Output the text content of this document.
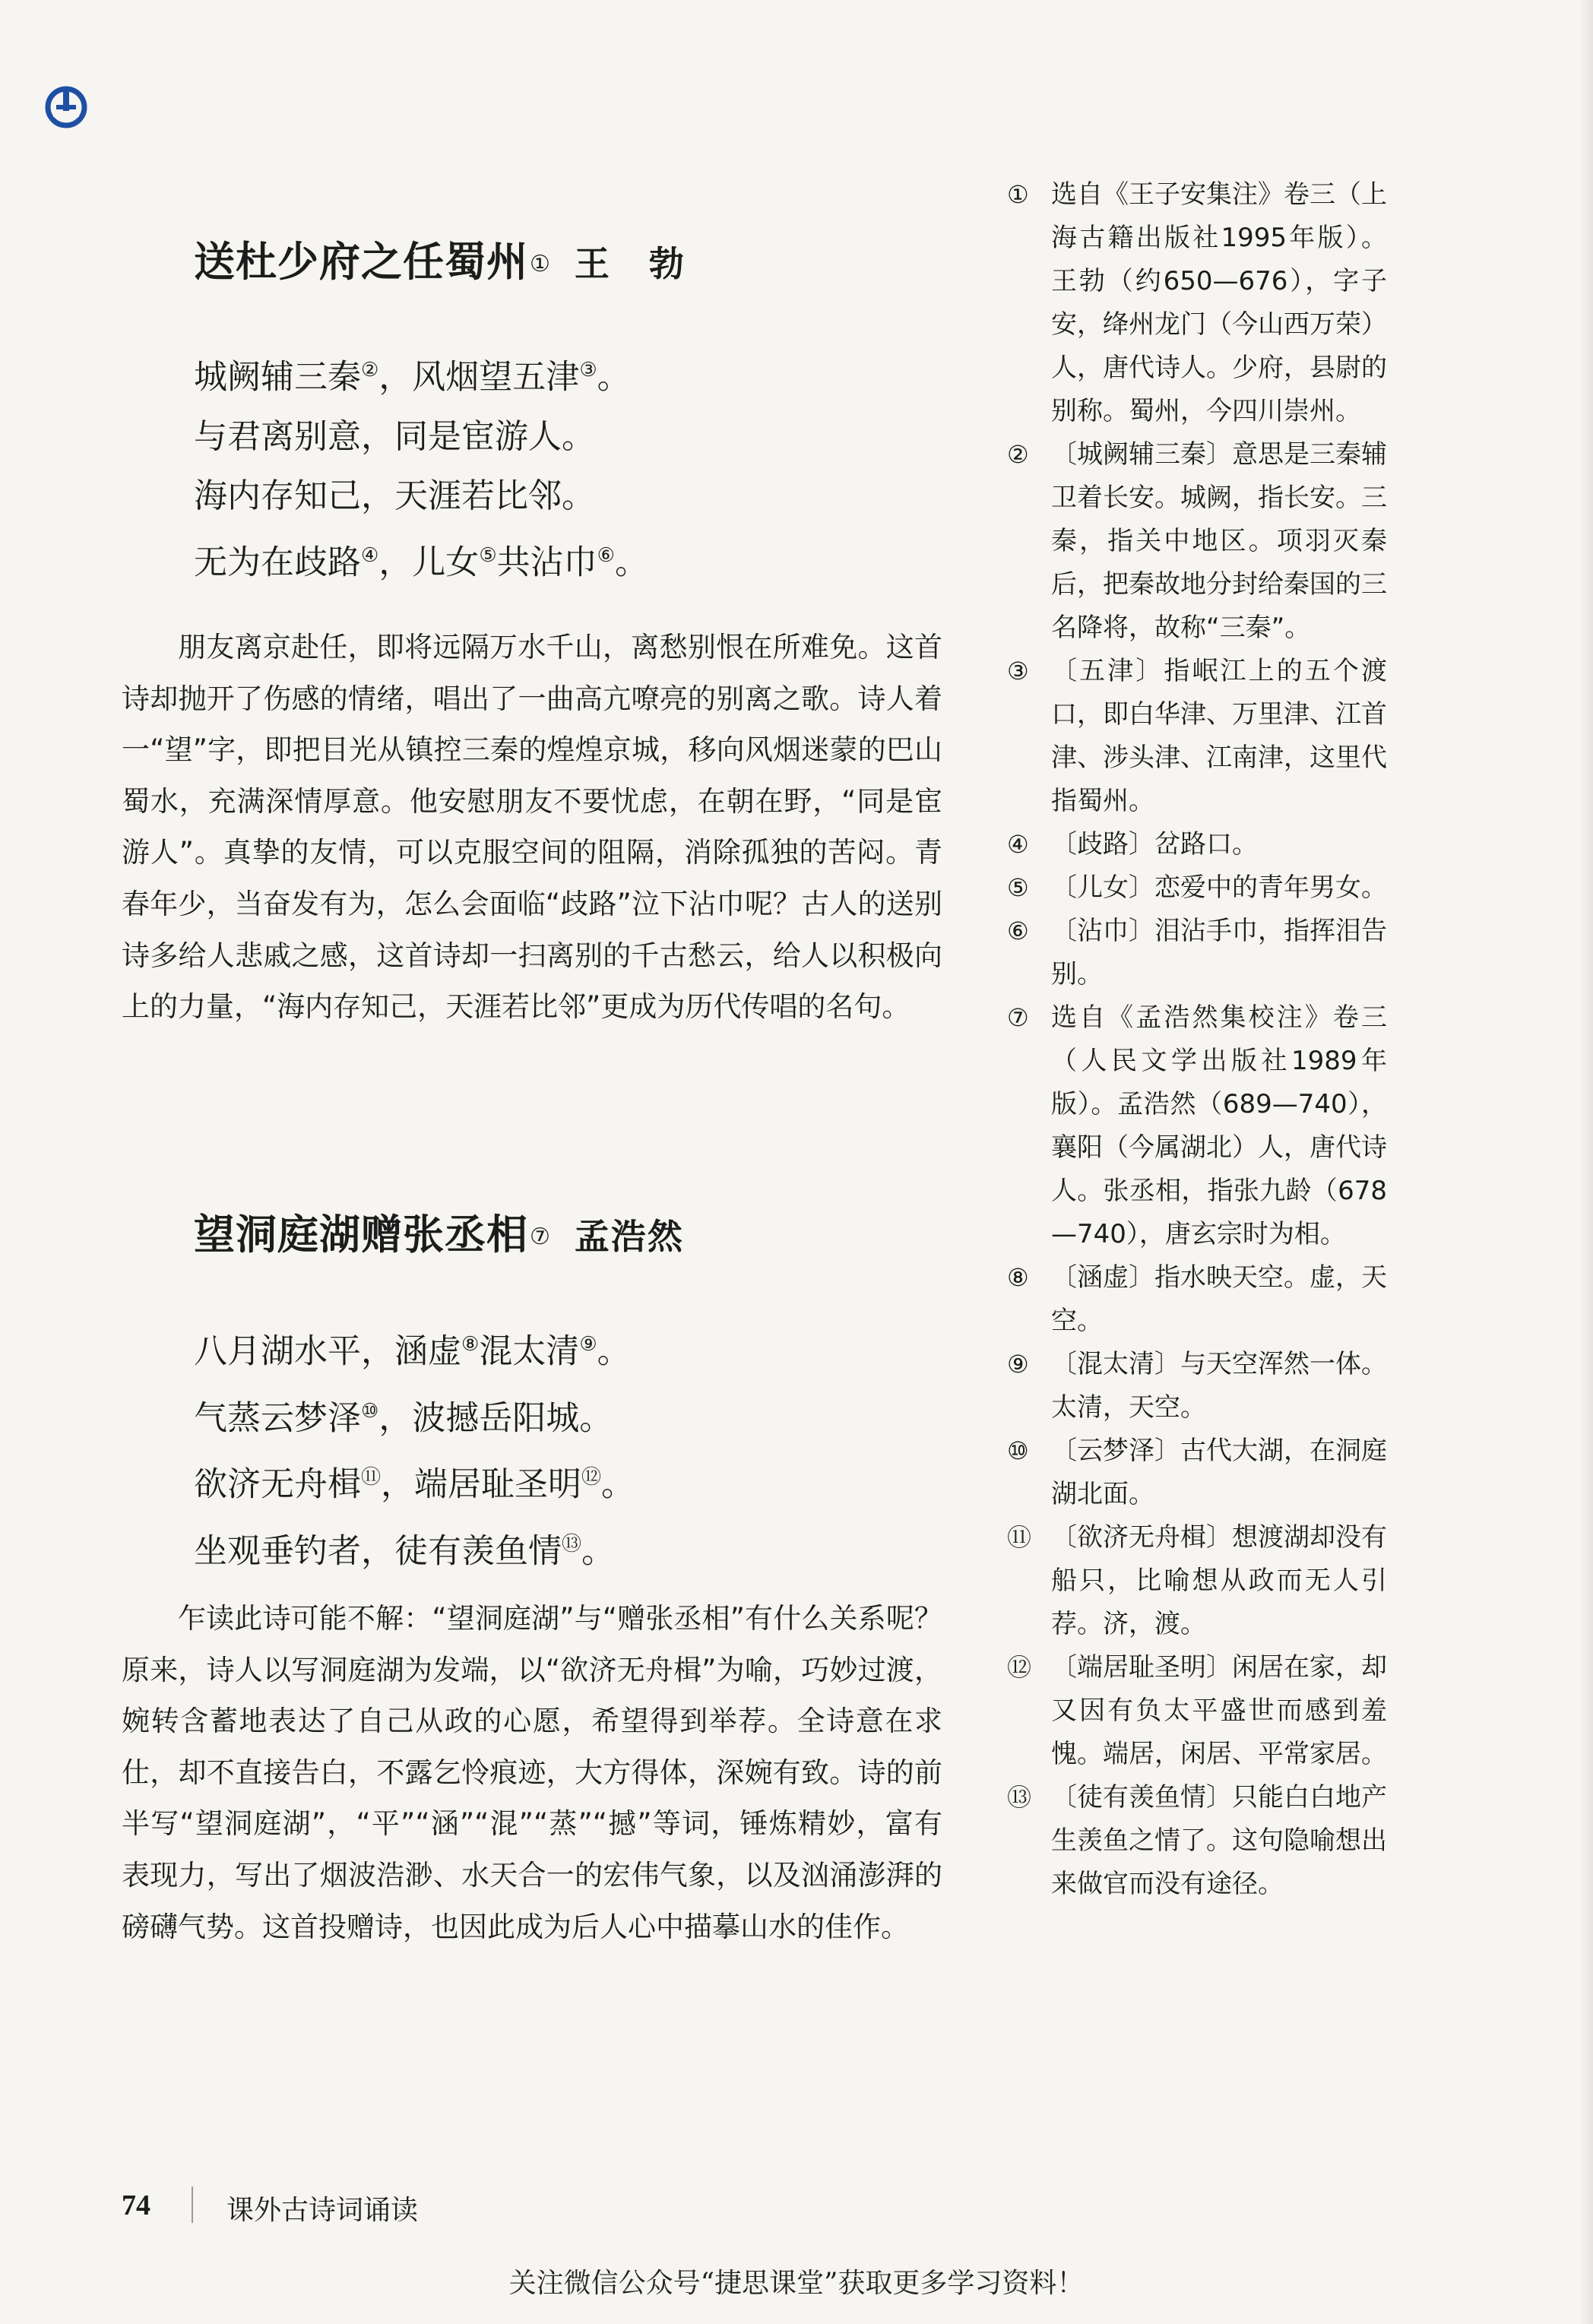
送杜少府之任蜀州① 王 勃
城阙辅三秦②，风烟望五津③。
与君离别意，同是宦游人。
海内存知己，天涯若比邻。
无为在歧路④，儿女⑤共沾巾⑥。

朋友离京赴任，即将远隔万水千山，离愁别恨在所难免。这首诗却抛开了伤感的情绪，唱出了一曲高亢嘹亮的别离之歌。诗人着一“望”字，即把目光从镇控三秦的煌煌京城，移向风烟迷蒙的巴山蜀水，充满深情厚意。他安慰朋友不要忧虑，在朝在野，“同是宦游人”。真挚的友情，可以克服空间的阻隔，消除孤独的苦闷。青春年少，当奋发有为，怎么会面临“歧路”泣下沾巾呢？古人的送别诗多给人悲戚之感，这首诗却一扫离别的千古愁云，给人以积极向上的力量，“海内存知己，天涯若比邻”更成为历代传唱的名句。

望洞庭湖赠张丞相⑦ 孟浩然
八月湖水平，涵虚⑧混太清⑨。
气蒸云梦泽⑩，波撼岳阳城。
欲济无舟楫⑪，端居耻圣明⑫。
坐观垂钓者，徒有羡鱼情⑬。

乍读此诗可能不解：“望洞庭湖”与“赠张丞相”有什么关系呢？原来，诗人以写洞庭湖为发端，以“欲济无舟楫”为喻，巧妙过渡，婉转含蓄地表达了自己从政的心愿，希望得到举荐。全诗意在求仕，却不直接告白，不露乞怜痕迹，大方得体，深婉有致。诗的前半写“望洞庭湖”，“平”“涵”“混”“蒸”“撼”等词，锤炼精妙，富有表现力，写出了烟波浩渺、水天合一的宏伟气象，以及汹涌澎湃的磅礴气势。这首投赠诗，也因此成为后人心中描摹山水的佳作。

① 选自《王子安集注》卷三（上海古籍出版社1995年版）。王勃（约650—676），字子安，绛州龙门（今山西万荣）人，唐代诗人。少府，县尉的别称。蜀州，今四川崇州。
② 〔城阙辅三秦〕意思是三秦辅卫着长安。城阙，指长安。三秦，指关中地区。项羽灭秦后，把秦故地分封给秦国的三名降将，故称“三秦”。
③ 〔五津〕指岷江上的五个渡口，即白华津、万里津、江首津、涉头津、江南津，这里代指蜀州。
④ 〔歧路〕岔路口。
⑤ 〔儿女〕恋爱中的青年男女。
⑥ 〔沾巾〕泪沾手巾，指挥泪告别。
⑦ 选自《孟浩然集校注》卷三（人民文学出版社1989年版）。孟浩然（689—740），襄阳（今属湖北）人，唐代诗人。张丞相，指张九龄（678—740），唐玄宗时为相。
⑧ 〔涵虚〕指水映天空。虚，天空。
⑨ 〔混太清〕与天空浑然一体。太清，天空。
⑩ 〔云梦泽〕古代大湖，在洞庭湖北面。
⑪ 〔欲济无舟楫〕想渡湖却没有船只，比喻想从政而无人引荐。济，渡。
⑫ 〔端居耻圣明〕闲居在家，却又因有负太平盛世而感到羞愧。端居，闲居、平常家居。
⑬ 〔徒有羡鱼情〕只能白白地产生羡鱼之情了。这句隐喻想出来做官而没有途径。
74	课外古诗词诵读
关注微信公众号“捷思课堂”获取更多学习资料！
